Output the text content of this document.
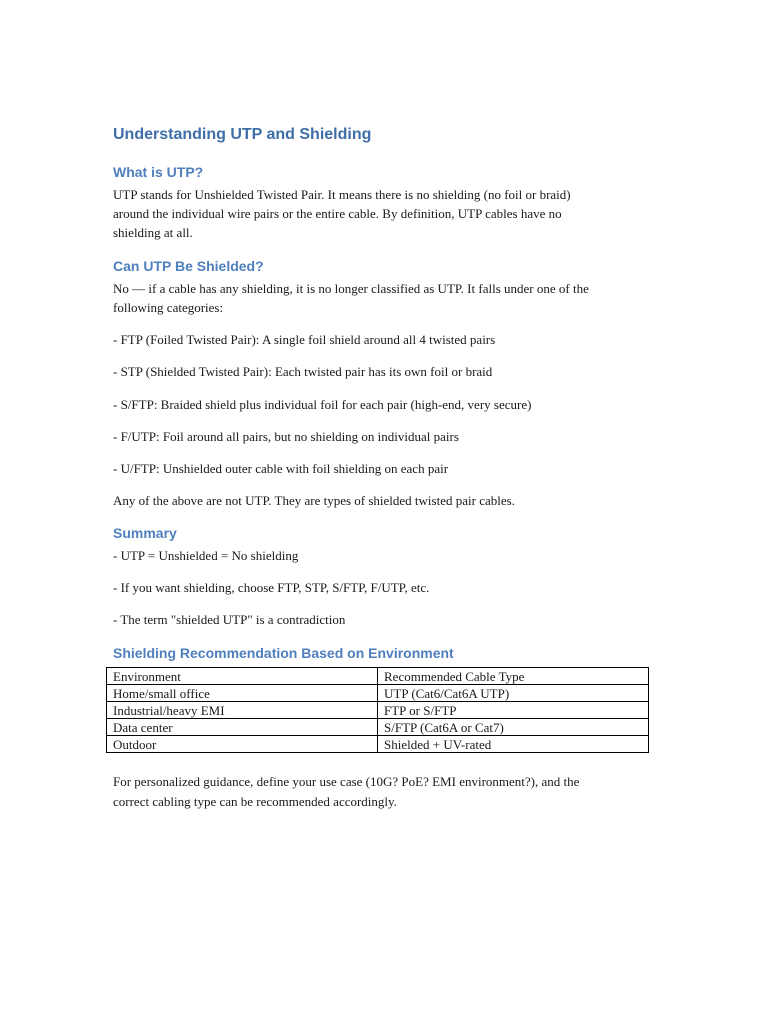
Understanding UTP and Shielding
What is UTP?

UTP stands for Unshielded Twisted Pair. It means there is no shielding (no foil or braid)

around the individual wire pairs or the entire cable. By definition, UTP cables have no

shielding at all.

Can UTP Be Shielded?

No — if a cable has any shielding, it is no longer classified as UTP. It falls under one of the

following categories:

- FTP (Foiled Twisted Pair): A single foil shield around all 4 twisted pairs

- STP (Shielded Twisted Pair): Each twisted pair has its own foil or braid

- S/FTP: Braided shield plus individual foil for each pair (high-end, very secure)

- F/UTP: Foil around all pairs, but no shielding on individual pairs

- U/FTP: Unshielded outer cable with foil shielding on each pair

Any of the above are not UTP. They are types of shielded twisted pair cables.

Summary

- UTP = Unshielded = No shielding

- If you want shielding, choose FTP, STP, S/FTP, F/UTP, etc.

- The term "shielded UTP" is a contradiction

Shielding Recommendation Based on Environment
Environment	Recommended Cable Type
Home/small office	UTP (Cat6/Cat6A UTP)
Industrial/heavy EMI	FTP or S/FTP
Data center	S/FTP (Cat6A or Cat7)
Outdoor	Shielded + UV-rated

For personalized guidance, define your use case (10G? PoE? EMI environment?), and the

correct cabling type can be recommended accordingly.
